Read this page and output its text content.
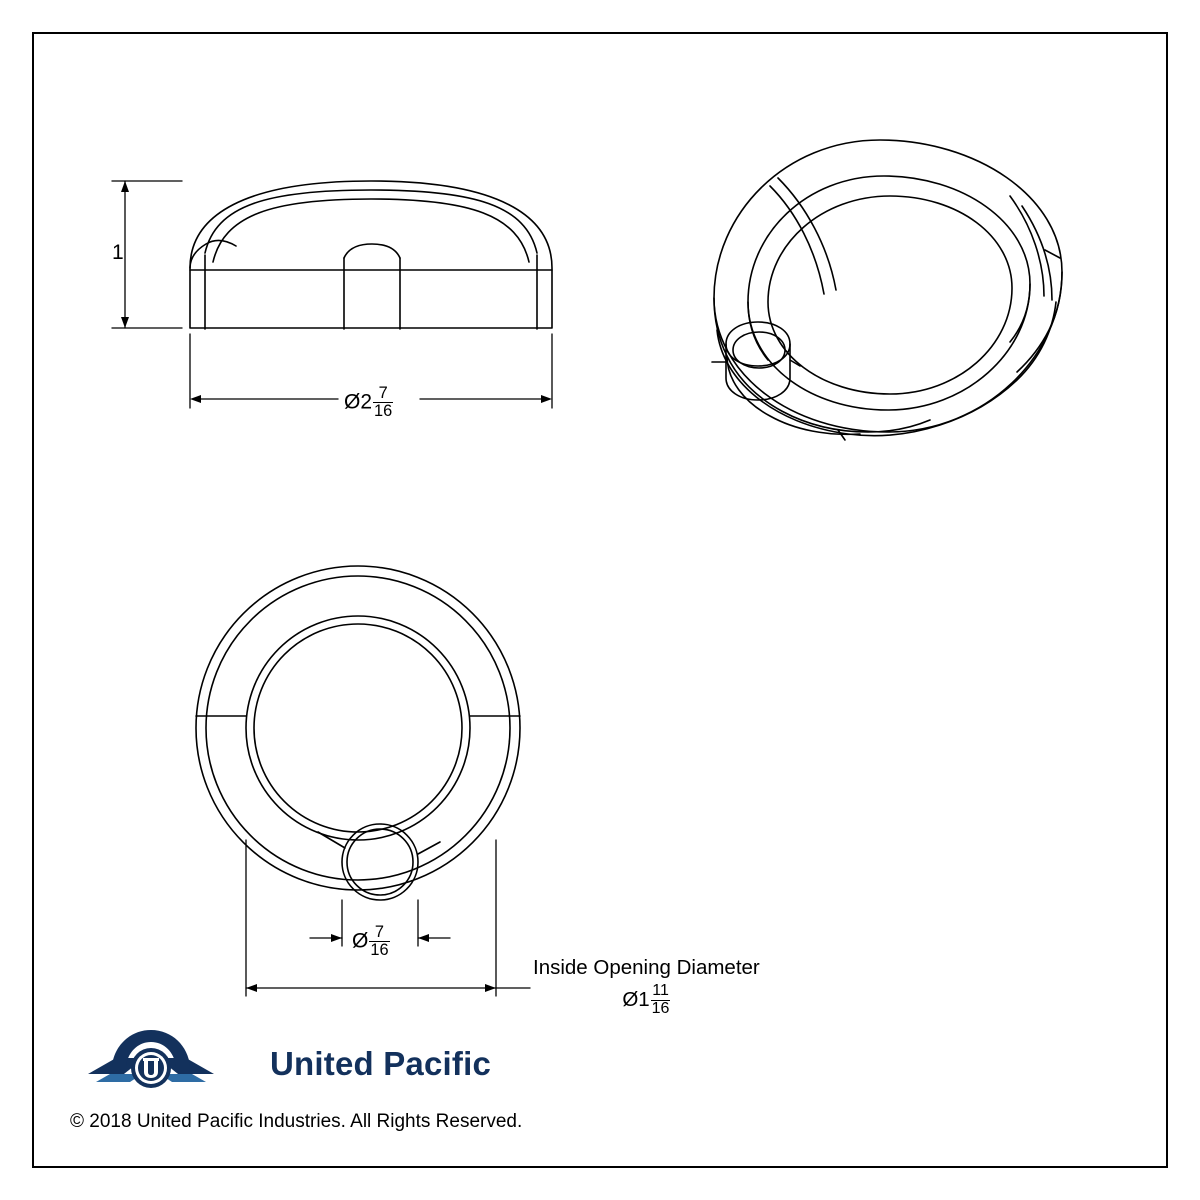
1
Ø2 $\frac{7}{16}$
Ø $\frac{7}{16}$
Inside Opening Diameter
Ø1 $\frac{11}{16}$
United Pacific
© 2018 United Pacific Industries. All Rights Reserved.
